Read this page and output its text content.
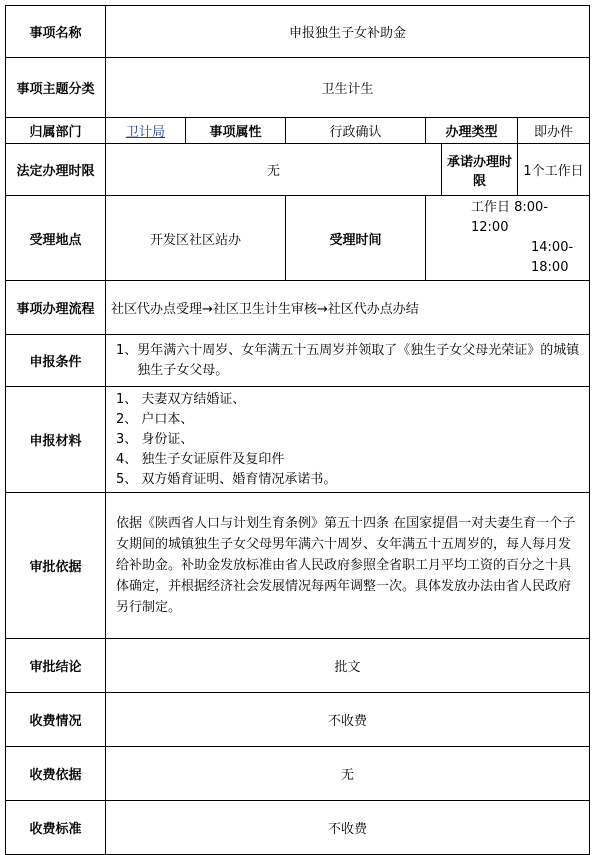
事项名称	申报独生子女补助金					
事项主题分类	卫生计生					
归属部门	卫计局	事项属性	行政确认	办理类型		即办件
法定办理时限	无				承诺办理时限	1个工作日
受理地点	开发区社区站办		受理时间	工作日 8:00-12:00
14:00-18:00		

事项办理流程	社区代办点受理→社区卫生计生审核→社区代办点办结					
申报条件	1、 男年满六十周岁、女年满五十五周岁并领取了《独生子女父母光荣证》的城镇独生子女父母。					

申报材料	1、 夫妻双方结婚证、
2、 户口本、
3、 身份证、
4、 独生子女证原件及复印件
5、 双方婚育证明、婚育情况承诺书。					

审批依据	依据《陕西省人口与计划生育条例》第五十四条 在国家提倡一对夫妻生育一个子女期间的城镇独生子女父母男年满六十周岁、女年满五十五周岁的，每人每月发给补助金。补助金发放标准由省人民政府参照全省职工月平均工资的百分之十具体确定，并根据经济社会发展情况每两年调整一次。具体发放办法由省人民政府另行制定。					
审批结论	批文					
收费情况	不收费					
收费依据	无					
收费标准	不收费					
